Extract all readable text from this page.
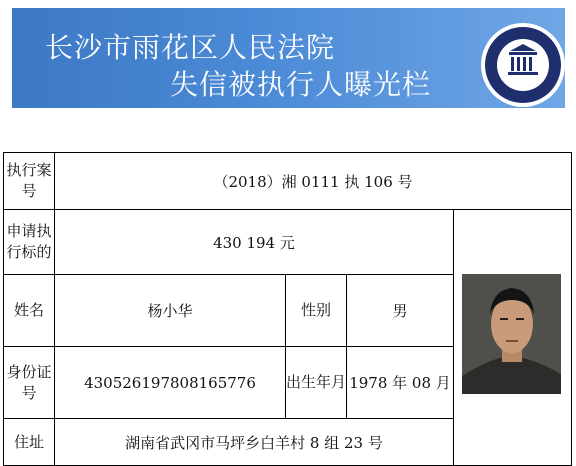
长沙市雨花区人民法院
失信被执行人曝光栏
执行案号	（2018）湘 0111 执 106 号			
申请执行标的	430 194 元	

姓名	杨小华	性别	男	
身份证号	430526197808165776	出生年月	1978 年 08 月	
住址	湖南省武冈市马坪乡白羊村 8 组 23 号			
